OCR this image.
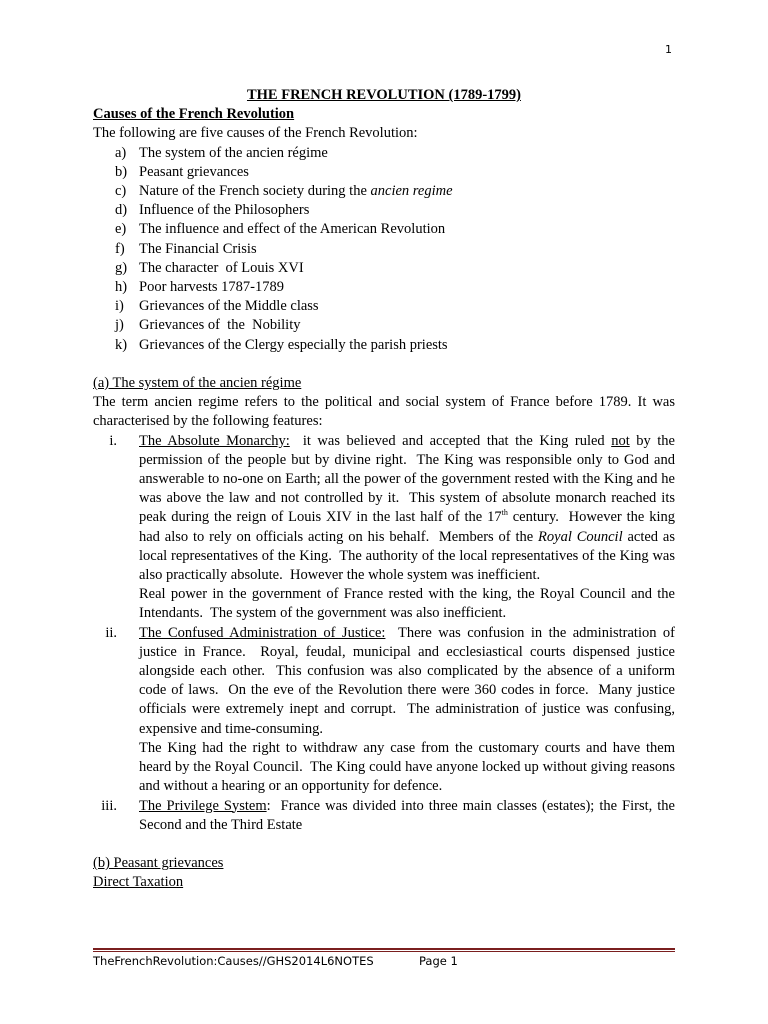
1
THE FRENCH REVOLUTION (1789-1799)
Causes of the French Revolution
The following are five causes of the French Revolution:
a) The system of the ancien régime
b) Peasant grievances
c) Nature of the French society during the ancien regime
d) Influence of the Philosophers
e) The influence and effect of the American Revolution
f) The Financial Crisis
g) The character  of Louis XVI
h) Poor harvests 1787-1789
i) Grievances of the Middle class
j) Grievances of  the  Nobility
k) Grievances of the Clergy especially the parish priests
(a) The system of the ancien régime
The term ancien regime refers to the political and social system of France before 1789. It was characterised by the following features:
i. The Absolute Monarchy:  it was believed and accepted that the King ruled not by the permission of the people but by divine right.  The King was responsible only to God and answerable to no-one on Earth; all the power of the government rested with the King and he was above the law and not controlled by it.  This system of absolute monarch reached its peak during the reign of Louis XIV in the last half of the 17th century.  However the king had also to rely on officials acting on his behalf.  Members of the Royal Council acted as local representatives of the King.  The authority of the local representatives of the King was also practically absolute.  However the whole system was inefficient.
Real power in the government of France rested with the king, the Royal Council and the Intendants.  The system of the government was also inefficient.
ii. The Confused Administration of Justice:  There was confusion in the administration of justice in France.  Royal, feudal, municipal and ecclesiastical courts dispensed justice alongside each other.  This confusion was also complicated by the absence of a uniform code of laws.  On the eve of the Revolution there were 360 codes in force.  Many justice officials were extremely inept and corrupt.  The administration of justice was confusing, expensive and time-consuming.
The King had the right to withdraw any case from the customary courts and have them heard by the Royal Council.  The King could have anyone locked up without giving reasons and without a hearing or an opportunity for defence.
iii. The Privilege System:  France was divided into three main classes (estates); the First, the Second and the Third Estate
(b) Peasant grievances
Direct Taxation
TheFrenchRevolution:Causes//GHS2014L6NOTES	Page 1
